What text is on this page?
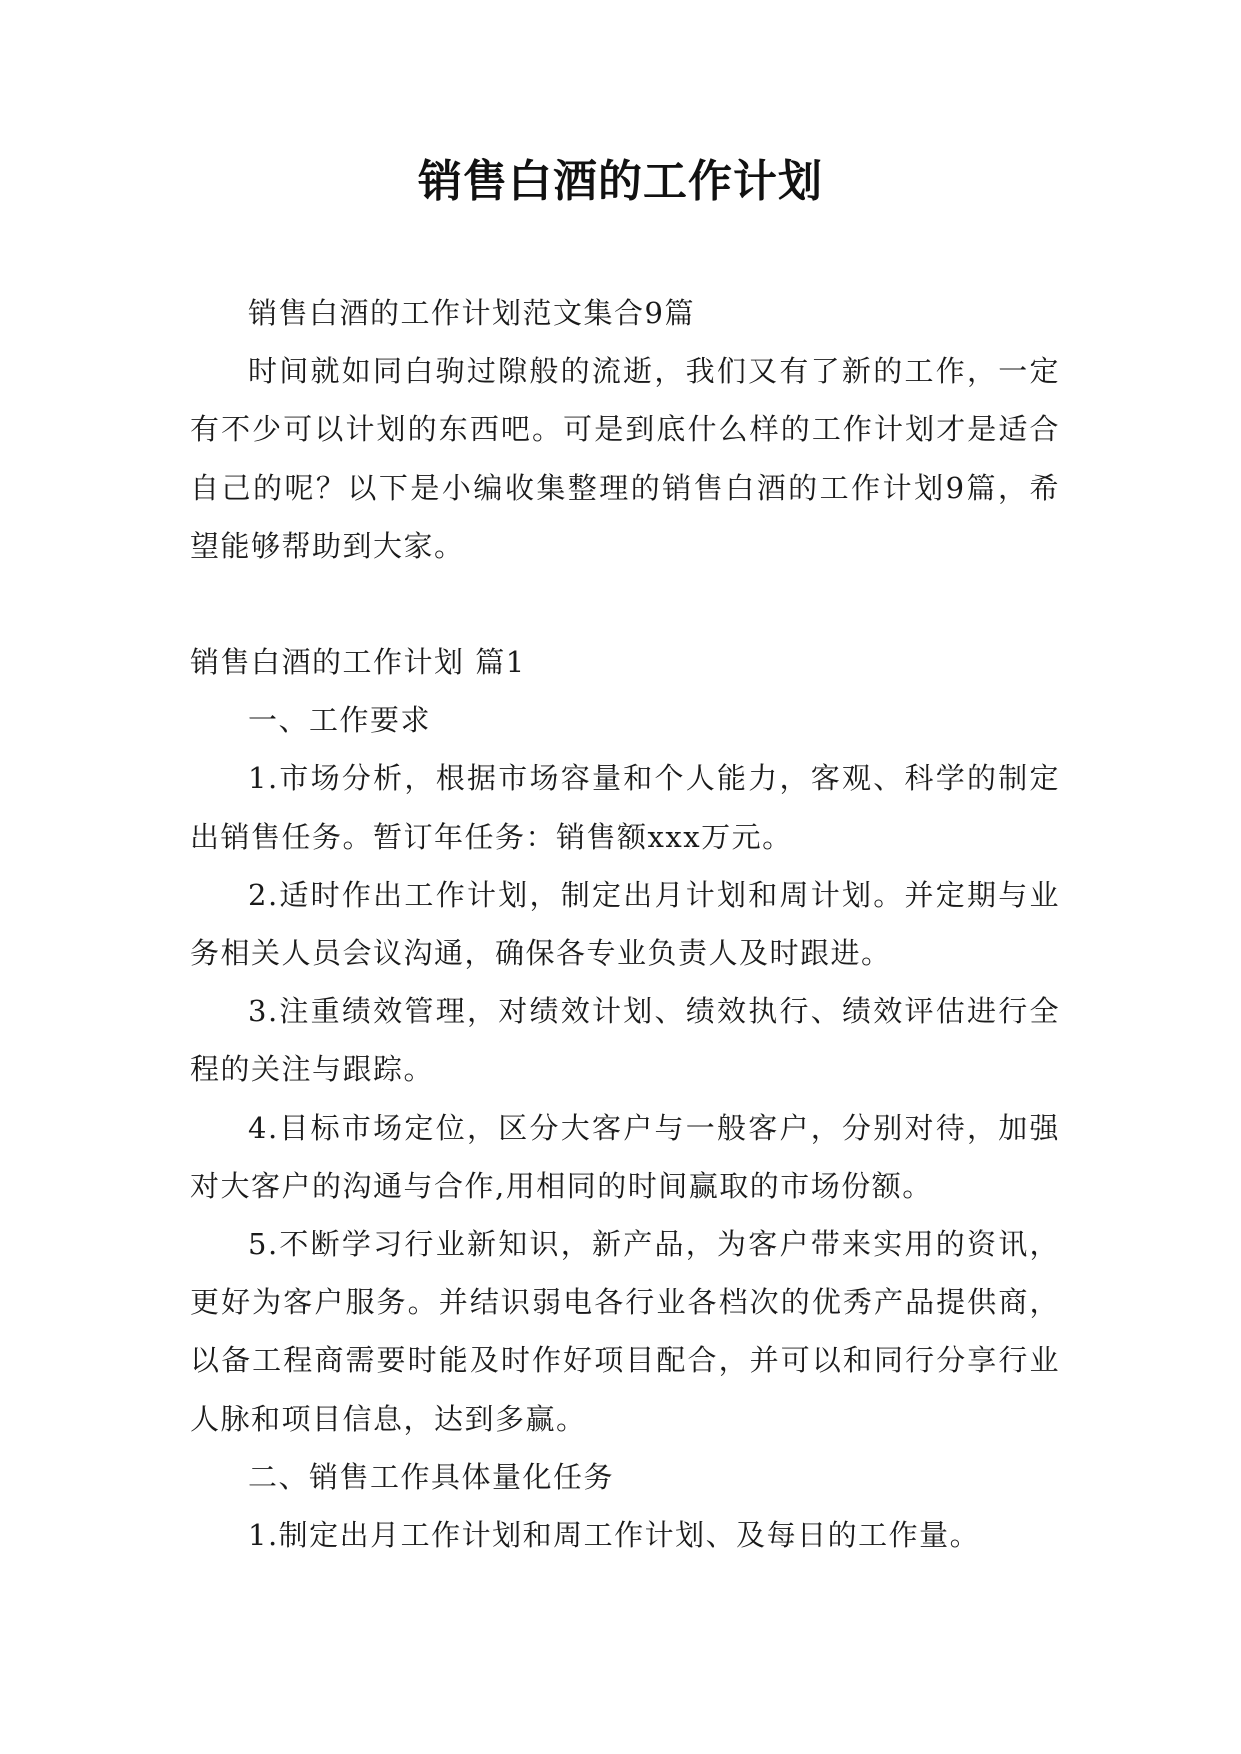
销售白酒的工作计划

销售白酒的工作计划范文集合9篇

时间就如同白驹过隙般的流逝，我们又有了新的工作，一定有不少可以计划的东西吧。可是到底什么样的工作计划才是适合自己的呢？以下是小编收集整理的销售白酒的工作计划9篇，希望能够帮助到大家。

销售白酒的工作计划 篇1

一、工作要求

1.市场分析，根据市场容量和个人能力，客观、科学的制定出销售任务。暂订年任务：销售额xxx万元。

2.适时作出工作计划，制定出月计划和周计划。并定期与业务相关人员会议沟通，确保各专业负责人及时跟进。

3.注重绩效管理，对绩效计划、绩效执行、绩效评估进行全程的关注与跟踪。

4.目标市场定位，区分大客户与一般客户，分别对待，加强对大客户的沟通与合作,用相同的时间赢取的市场份额。

5.不断学习行业新知识，新产品，为客户带来实用的资讯，更好为客户服务。并结识弱电各行业各档次的优秀产品提供商，以备工程商需要时能及时作好项目配合，并可以和同行分享行业人脉和项目信息，达到多赢。

二、销售工作具体量化任务

1.制定出月工作计划和周工作计划、及每日的工作量。
